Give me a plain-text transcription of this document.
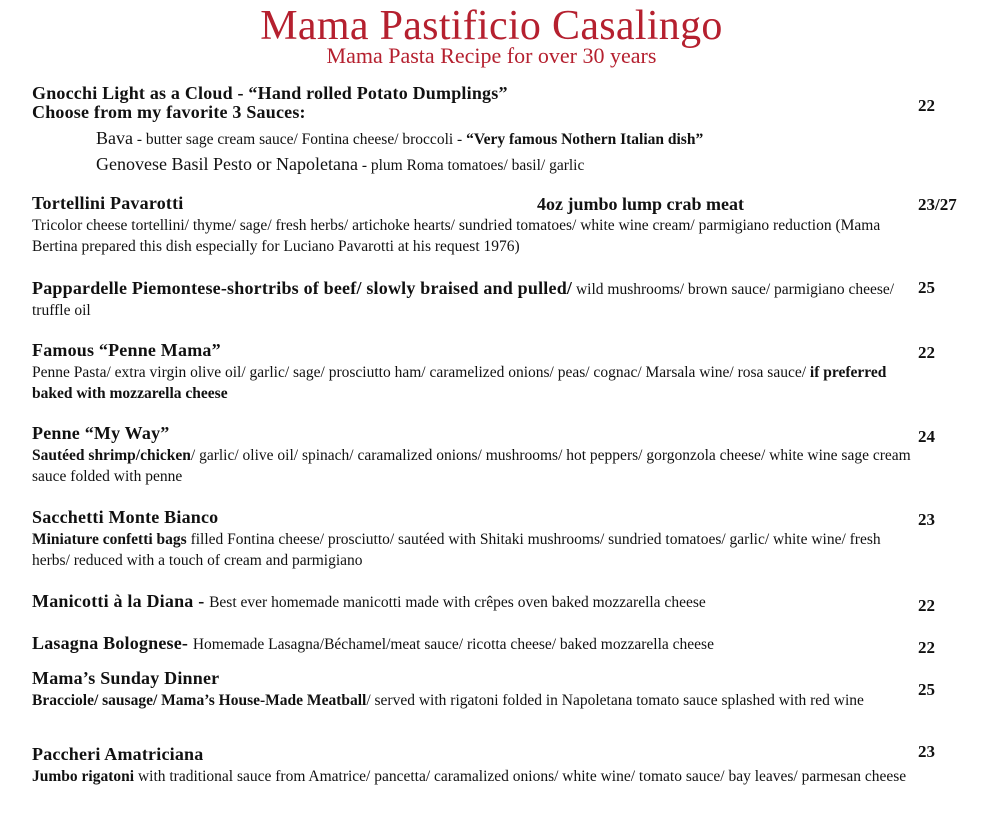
Mama Pastificio Casalingo
Mama Pasta Recipe for over 30 years
Gnocchi Light as a Cloud - “Hand rolled Potato Dumplings”
Choose from my favorite 3 Sauces:
Bava - butter sage cream sauce/ Fontina cheese/ broccoli - “Very famous Nothern Italian dish”
Genovese Basil Pesto or Napoletana - plum Roma tomatoes/ basil/ garlic
22
Tortellini Pavarotti	4oz jumbo lump crab meat
Tricolor cheese tortellini/ thyme/ sage/ fresh herbs/ artichoke hearts/ sundried tomatoes/ white wine cream/ parmigiano reduction (Mama Bertina prepared this dish especially for Luciano Pavarotti at his request 1976)
23/27
Pappardelle Piemontese-shortribs of beef/ slowly braised and pulled/ wild mushrooms/ brown sauce/ parmigiano cheese/ truffle oil
25
Famous “Penne Mama”
Penne Pasta/ extra virgin olive oil/ garlic/ sage/ prosciutto ham/ caramelized onions/ peas/ cognac/ Marsala wine/ rosa sauce/ if preferred baked with mozzarella cheese
22
Penne “My Way”
Sautéed shrimp/chicken/ garlic/ olive oil/ spinach/ caramalized onions/ mushrooms/ hot peppers/ gorgonzola cheese/ white wine sage cream sauce folded with penne
24
Sacchetti Monte Bianco
Miniature confetti bags filled Fontina cheese/ prosciutto/ sautéed with Shitaki mushrooms/ sundried tomatoes/ garlic/ white wine/ fresh herbs/ reduced with a touch of cream and parmigiano
23
Manicotti à la Diana - Best ever homemade manicotti made with crêpes oven baked mozzarella cheese	22
Lasagna Bolognese- Homemade Lasagna/Béchamel/meat sauce/ ricotta cheese/ baked mozzarella cheese	22
Mama’s Sunday Dinner
Bracciole/ sausage/ Mama’s House-Made Meatball/ served with rigatoni folded in Napoletana tomato sauce splashed with red wine
25
Paccheri Amatriciana
Jumbo rigatoni with traditional sauce from Amatrice/ pancetta/ caramalized onions/ white wine/ tomato sauce/ bay leaves/ parmesan cheese
23
